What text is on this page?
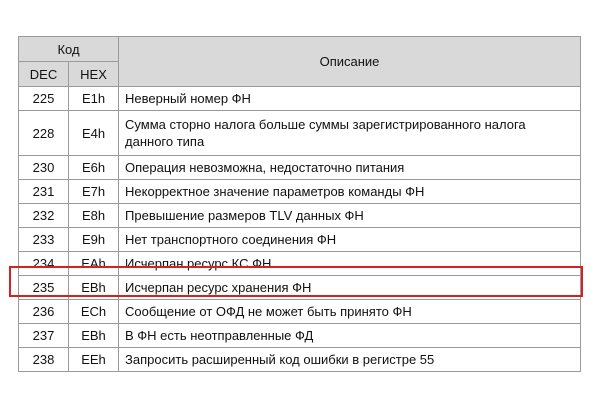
Код		Описание
DEC	HEX	
225	E1h	Неверный номер ФН
228	E4h	Сумма сторно налога больше суммы зарегистрированного налога данного типа
230	E6h	Операция невозможна, недостаточно питания
231	E7h	Некорректное значение параметров команды ФН
232	E8h	Превышение размеров TLV данных ФН
233	E9h	Нет транспортного соединения ФН
234	EAh	Исчерпан ресурс КС ФН
235	EBh	Исчерпан ресурс хранения ФН
236	ECh	Сообщение от ОФД не может быть принято ФН
237	EBh	В ФН есть неотправленные ФД
238	EEh	Запросить расширенный код ошибки в регистре 55
